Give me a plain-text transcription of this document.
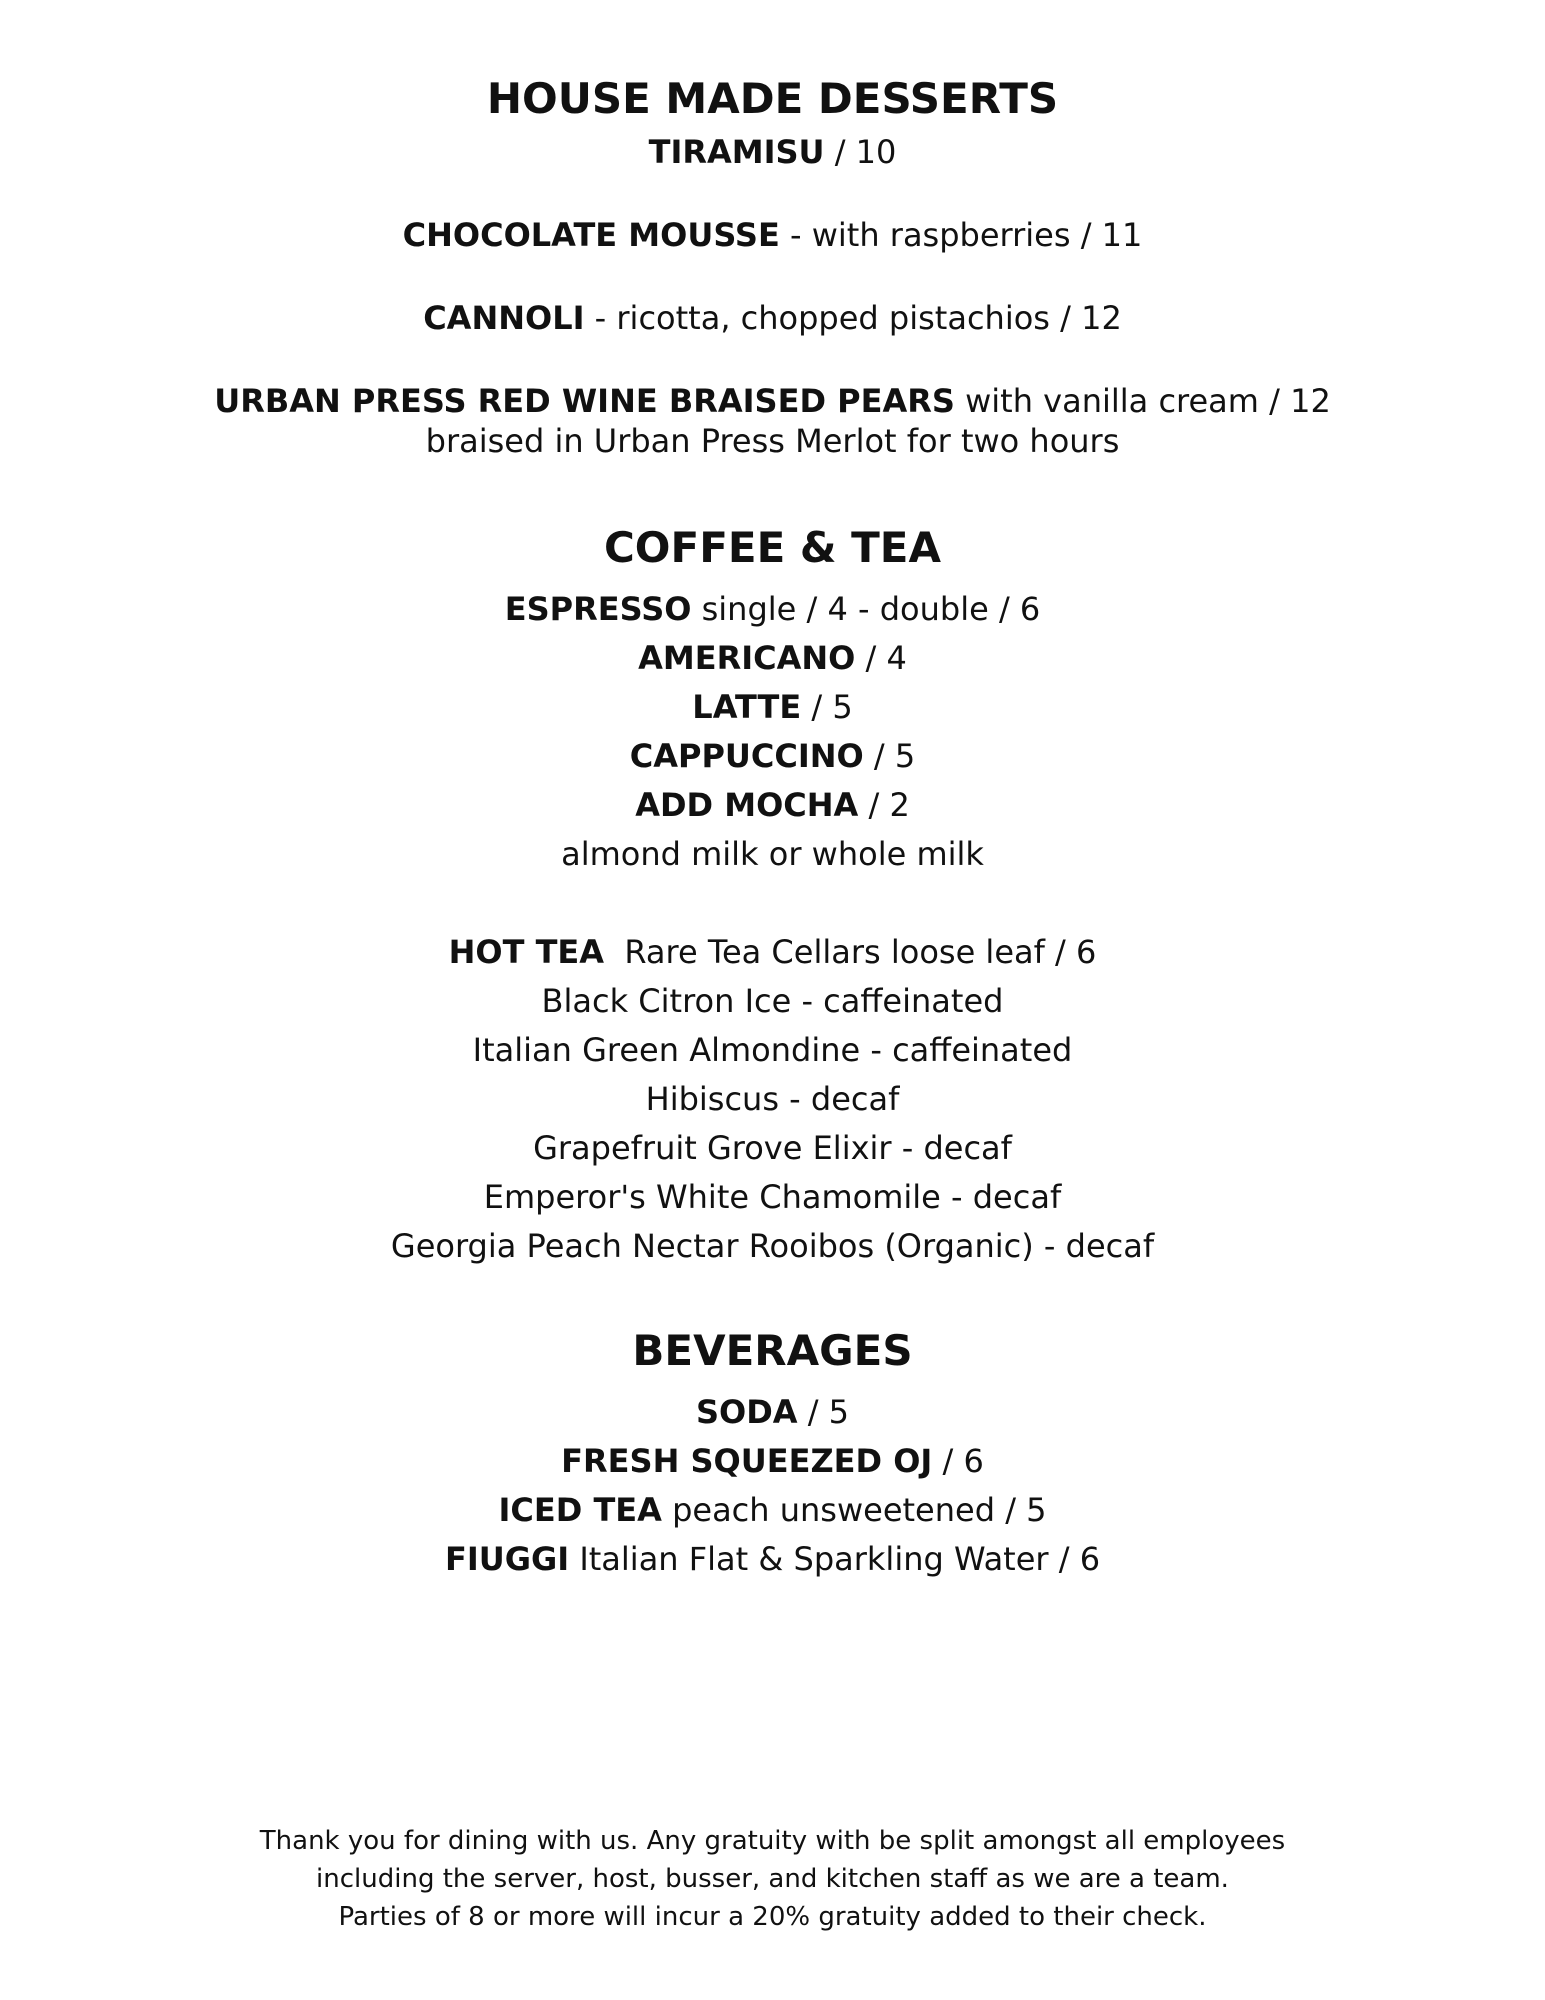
HOUSE MADE DESSERTS
TIRAMISU / 10
CHOCOLATE MOUSSE - with raspberries / 11
CANNOLI - ricotta, chopped pistachios / 12
URBAN PRESS RED WINE BRAISED PEARS with vanilla cream / 12
braised in Urban Press Merlot for two hours
COFFEE & TEA
ESPRESSO single / 4 - double / 6
AMERICANO / 4
LATTE / 5
CAPPUCCINO / 5
ADD MOCHA / 2
almond milk or whole milk
HOT TEA  Rare Tea Cellars loose leaf / 6
Black Citron Ice - caffeinated
Italian Green Almondine - caffeinated
Hibiscus - decaf
Grapefruit Grove Elixir - decaf
Emperor's White Chamomile - decaf
Georgia Peach Nectar Rooibos (Organic) - decaf
BEVERAGES
SODA / 5
FRESH SQUEEZED OJ / 6
ICED TEA peach unsweetened / 5
FIUGGI Italian Flat & Sparkling Water / 6
Thank you for dining with us. Any gratuity with be split amongst all employees
including the server, host, busser, and kitchen staff as we are a team.
Parties of 8 or more will incur a 20% gratuity added to their check.
